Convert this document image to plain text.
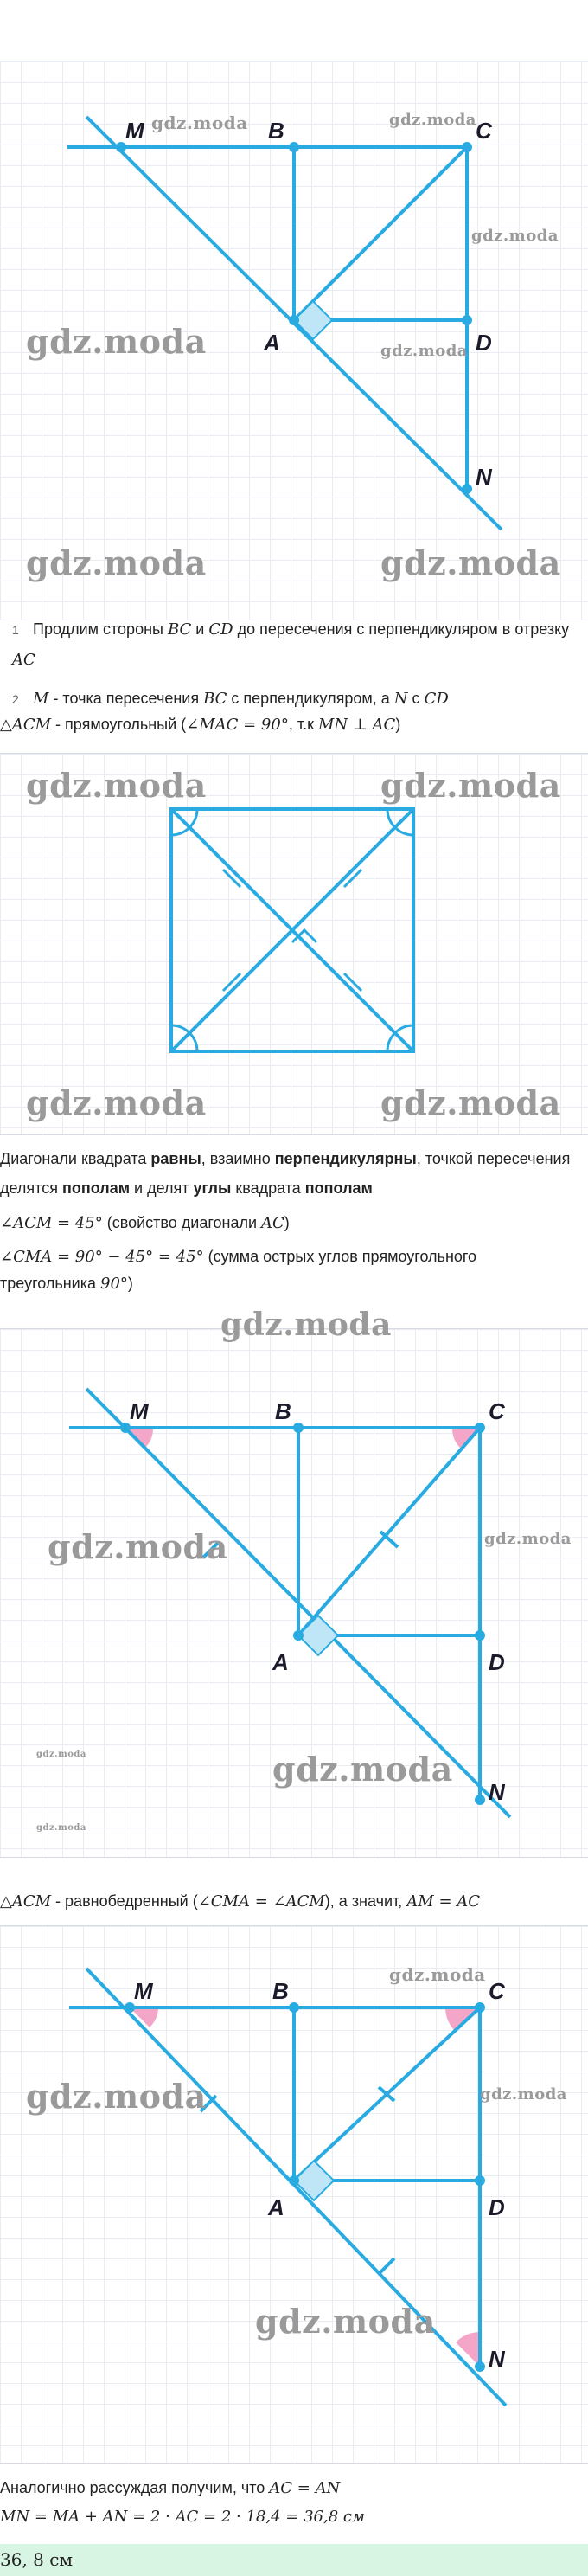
M	B	C
A	D
N
gdz.moda	gdz.moda
gdz.moda
gdz.moda	gdz.moda
gdz.moda	gdz.moda
1 Продлим стороны BC и CD до пересечения с перпендикуляром в отрезку AC
2 M - точка пересечения BC с перпендикуляром, а N с CD
△ACM - прямоугольный (∠MAC = 90°, т.к MN ⊥ AC)
gdz.moda	gdz.moda
gdz.moda	gdz.moda

Диагонали квадрата равны, взаимно перпендикулярны, точкой пересечения делятся пополам и делят углы квадрата пополам

∠ACM = 45° (свойство диагонали AC)
∠CMA = 90° − 45° = 45° (сумма острых углов прямоугольного треугольника 90°)
M	B	C
A	D
N
gdz.moda
gdz.moda	gdz.moda
gdz.moda	gdz.moda
gdz.moda
△ACM - равнобедренный (∠CMA = ∠ACM), а значит, AM = AC
M	B	C
A	D
N
gdz.moda
gdz.moda	gdz.moda
gdz.moda
Аналогично рассуждая получим, что AC = AN
MN = MA + AN = 2 · AC = 2 · 18,4 = 36,8 см
36, 8 см
